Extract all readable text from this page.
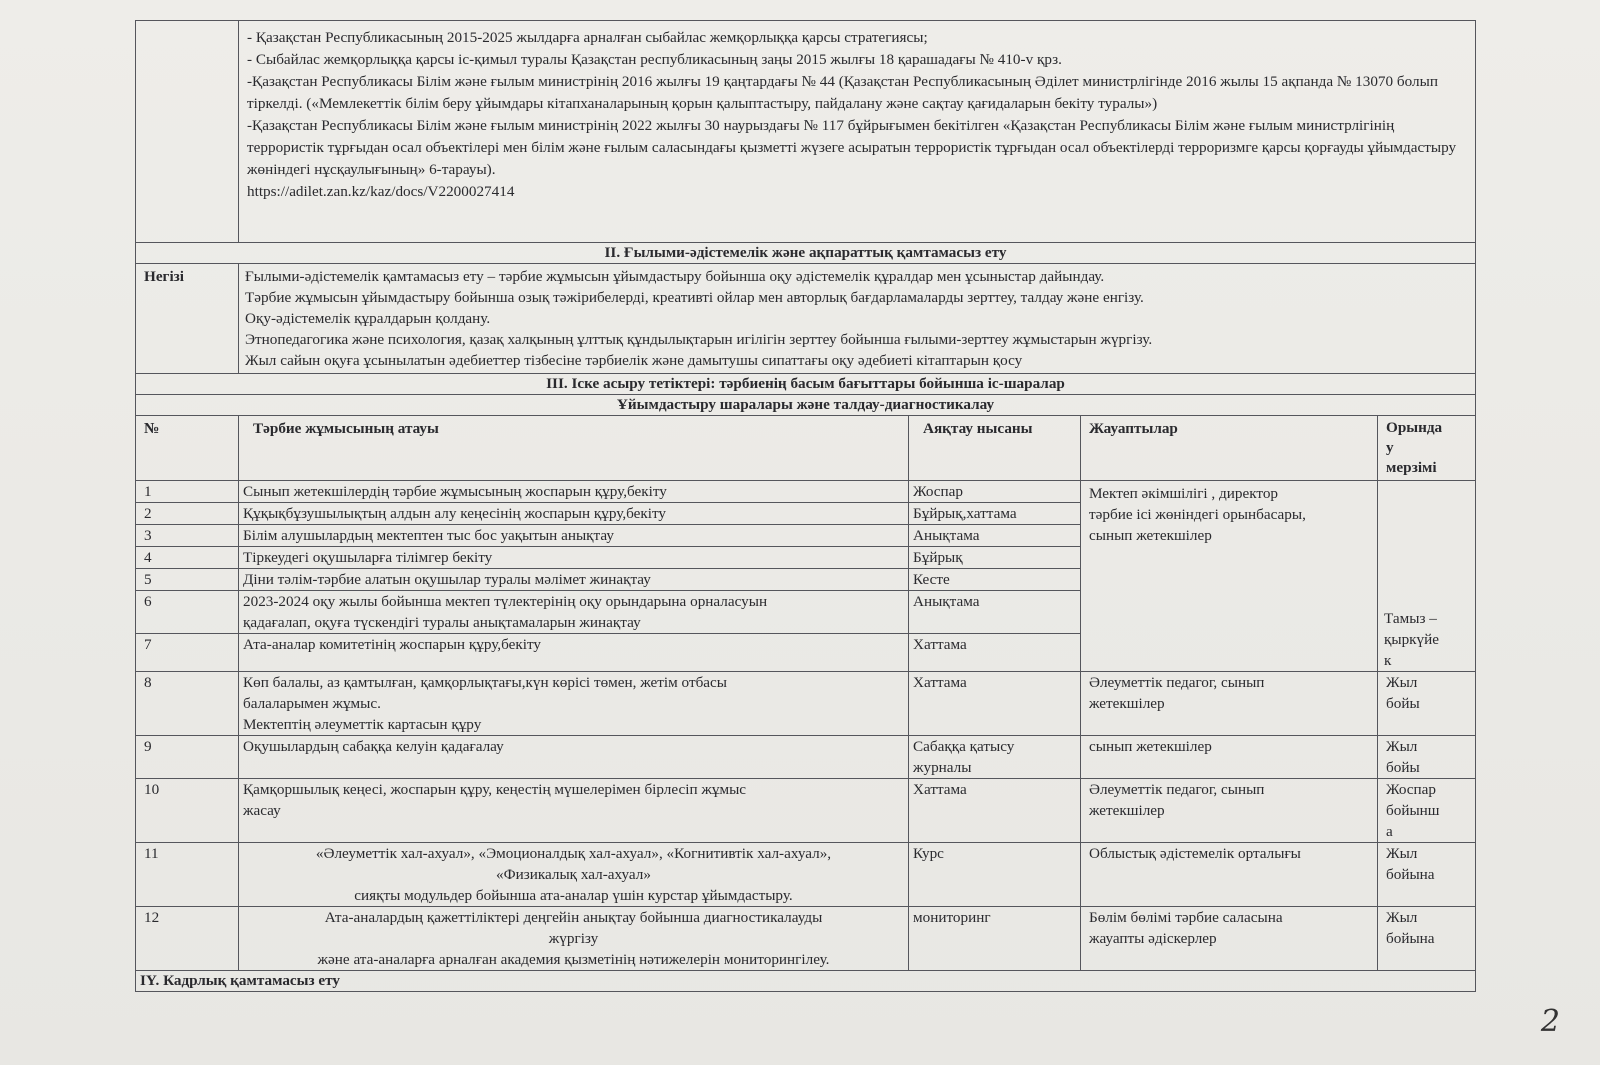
	- Қазақстан Республикасының 2015-2025 жылдарға арналған сыбайлас жемқорлыққа қарсы стратегиясы;
- Сыбайлас жемқорлыққа қарсы іс-қимыл туралы Қазақстан республикасының заңы 2015 жылғы 18 қарашадағы № 410-v қрз.
-Қазақстан Республикасы Білім және ғылым министрінің 2016 жылғы 19 қаңтардағы № 44 (Қазақстан Республикасының Әділет министрлігінде 2016 жылы 15 ақпанда № 13070 болып тіркелді. («Мемлекеттік білім беру ұйымдары кітапханаларының қорын қалыптастыру, пайдалану және сақтау қағидаларын бекіту туралы»)
-Қазақстан Республикасы Білім және ғылым министрінің 2022 жылғы 30 наурыздағы № 117 бұйрығымен бекітілген «Қазақстан Республикасы Білім және ғылым министрлігінің террористік тұрғыдан осал объектілері мен білім және ғылым саласындағы қызметті жүзеге асыратын террористік тұрғыдан осал объектілерді терроризмге қарсы қорғауды ұйымдастыру жөніндегі нұсқаулығының» 6-тарауы).
https://adilet.zan.kz/kaz/docs/V2200027414			

II. Ғылыми-әдістемелік және ақпараттық қамтамасыз ету				
Негізі	Ғылыми-әдістемелік қамтамасыз ету – тәрбие жұмысын ұйымдастыру бойынша оқу әдістемелік құралдар мен ұсыныстар дайындау.
Тәрбие жұмысын ұйымдастыру бойынша озық тәжірибелерді, креативті ойлар мен авторлық бағдарламаларды зерттеу, талдау және енгізу.
Оқу-әдістемелік құралдарын қолдану.
Этнопедагогика және психология, қазақ халқының ұлттық құндылықтарын игілігін зерттеу бойынша ғылыми-зерттеу жұмыстарын жүргізу.
Жыл сайын оқуға ұсынылатын әдебиеттер тізбесіне тәрбиелік және дамытушы сипаттағы оқу әдебиеті кітаптарын қосу			

III. Іске асыру тетіктері: тәрбиенің басым бағыттары бойынша іс-шаралар				
Ұйымдастыру шаралары және талдау-диагностикалау				
№	Тәрбие жұмысының атауы	Аяқтау нысаны	Жауаптылар	Орында
у
мерзімі

1	Сынып жетекшілердің тәрбие жұмысының жоспарын құру,бекіту	Жоспар	Мектеп әкімшілігі , директор
тәрбие ісі жөніндегі орынбасары,
сынып жетекшілер	Тамыз –
қыркүйе
к

2	Құқықбұзушылықтың алдын алу кеңесінің жоспарын құру,бекіту	Бұйрық,хаттама		
3	Білім алушылардың мектептен тыс бос уақытын анықтау	Анықтама		
4	Тіркеудегі оқушыларға тілімгер бекіту	Бұйрық		
5	Діни тәлім-тәрбие алатын оқушылар туралы мәлімет жинақтау	Кесте		
6	2023-2024 оқу жылы бойынша мектеп түлектерінің оқу орындарына орналасуын
қадағалап, оқуға түскендігі туралы анықтамаларын жинақтау	Анықтама		
7	Ата-аналар комитетінің жоспарын құру,бекіту	Хаттама		
8	Көп балалы, аз қамтылған, қамқорлықтағы,күн көрісі төмен, жетім отбасы
балаларымен жұмыс.
Мектептің әлеуметтік картасын құру	Хаттама	Әлеуметтік педагог, сынып
жетекшілер	Жыл
бойы

9	Оқушылардың сабаққа келуін қадағалау	Сабаққа қатысу
журналы	сынып жетекшілер	Жыл
бойы

10	Қамқоршылық кеңесі, жоспарын құру, кеңестің мүшелерімен бірлесіп жұмыс
жасау	Хаттама	Әлеуметтік педагог, сынып
жетекшілер	Жоспар
бойынш
а

11	«Әлеуметтік хал-ахуал», «Эмоционалдық хал-ахуал», «Когнитивтік хал-ахуал»,
«Физикалық хал-ахуал»
сияқты модульдер бойынша ата-аналар үшін курстар ұйымдастыру.	Курс	Облыстық әдістемелік орталығы	Жыл
бойына

12	Ата-аналардың қажеттіліктері деңгейін анықтау бойынша диагностикалауды
жүргізу
және ата-аналарға арналған академия қызметінің нәтижелерін мониторингілеу.	мониторинг	Бөлім бөлімі тәрбие саласына
жауапты әдіскерлер	Жыл
бойына

IY. Кадрлық қамтамасыз ету				
2
